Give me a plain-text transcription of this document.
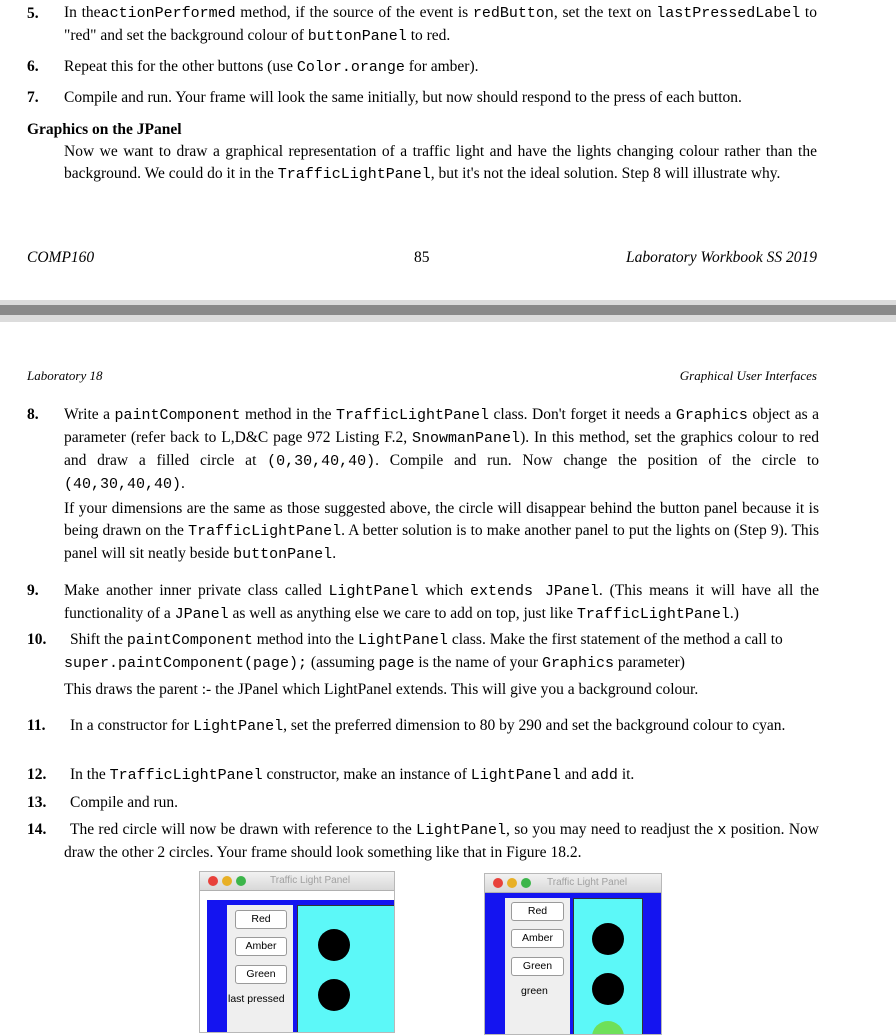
5. In theactionPerformed method, if the source of the event is redButton, set the text on lastPressedLabel to "red" and set the background colour of buttonPanel to red.
6. Repeat this for the other buttons (use Color.orange for amber).
7. Compile and run. Your frame will look the same initially, but now should respond to the press of each button.
Graphics on the JPanel
Now we want to draw a graphical representation of a traffic light and have the lights changing colour rather than the background. We could do it in the TrafficLightPanel, but it's not the ideal solution. Step 8 will illustrate why.
COMP160	85	Laboratory Workbook SS 2019
Laboratory 18	Graphical User Interfaces
8. Write a paintComponent method in the TrafficLightPanel class. Don't forget it needs a Graphics object as a parameter (refer back to L,D&C page 972 Listing F.2, SnowmanPanel). In this method, set the graphics colour to red and draw a filled circle at (0,30,40,40). Compile and run. Now change the position of the circle to (40,30,40,40).
If your dimensions are the same as those suggested above, the circle will disappear behind the button panel because it is being drawn on the TrafficLightPanel. A better solution is to make another panel to put the lights on (Step 9). This panel will sit neatly beside buttonPanel.
9. Make another inner private class called LightPanel which extends JPanel. (This means it will have all the functionality of a JPanel as well as anything else we care to add on top, just like TrafficLightPanel.)
10.	Shift the paintComponent method into the LightPanel class. Make the first statement of the method a call to super.paintComponent(page); (assuming page is the name of your Graphics parameter)
This draws the parent :- the JPanel which LightPanel extends. This will give you a background colour.
11.	In a constructor for LightPanel, set the preferred dimension to 80 by 290 and set the background colour to cyan.
12. In the TrafficLightPanel constructor, make an instance of LightPanel and add it.
13. Compile and run.
14.	The red circle will now be drawn with reference to the LightPanel, so you may need to readjust the x position. Now draw the other 2 circles. Your frame should look something like that in Figure 18.2.
Traffic Light Panel
Red
Amber
Green
last pressed
Traffic Light Panel
Red
Amber
Green
green
